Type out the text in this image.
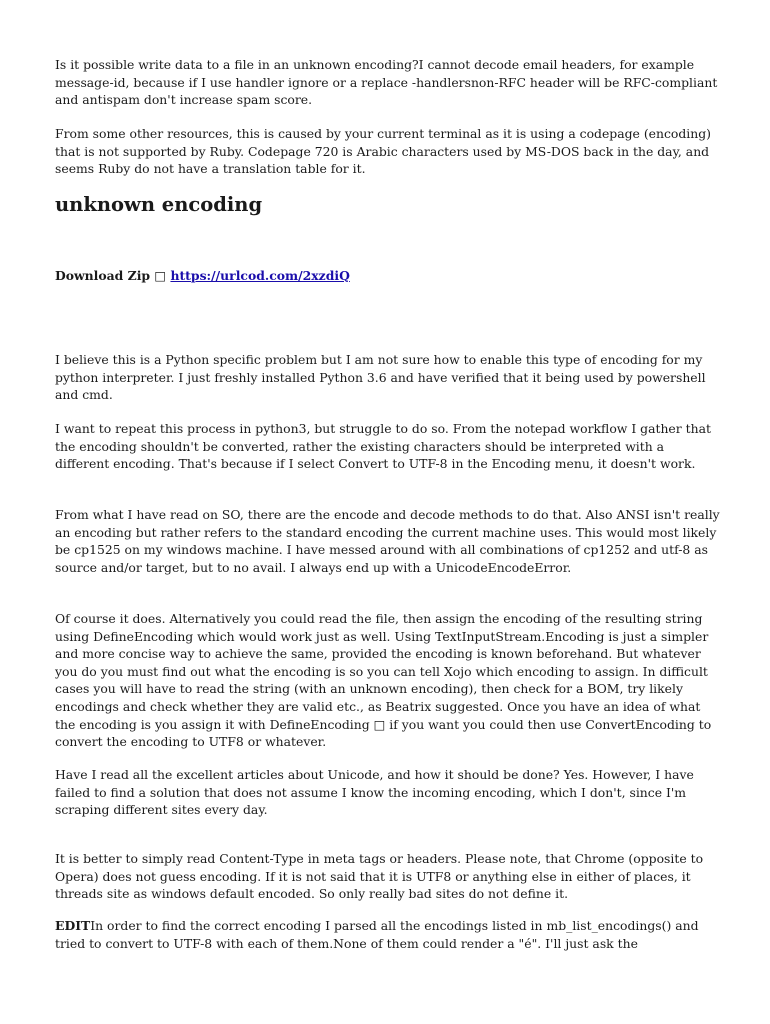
Is it possible write data to a file in an unknown encoding?I cannot decode email headers, for example message-id, because if I use handler ignore or a replace -handlersnon-RFC header will be RFC-compliant and antispam don't increase spam score.

From some other resources, this is caused by your current terminal as it is using a codepage (encoding) that is not supported by Ruby. Codepage 720 is Arabic characters used by MS-DOS back in the day, and seems Ruby do not have a translation table for it.

unknown encoding

Download Zip □ https://urlcod.com/2xzdiQ

I believe this is a Python specific problem but I am not sure how to enable this type of encoding for my python interpreter. I just freshly installed Python 3.6 and have verified that it being used by powershell and cmd.

I want to repeat this process in python3, but struggle to do so. From the notepad workflow I gather that the encoding shouldn't be converted, rather the existing characters should be interpreted with a different encoding. That's because if I select Convert to UTF-8 in the Encoding menu, it doesn't work.

From what I have read on SO, there are the encode and decode methods to do that. Also ANSI isn't really an encoding but rather refers to the standard encoding the current machine uses. This would most likely be cp1525 on my windows machine. I have messed around with all combinations of cp1252 and utf-8 as source and/or target, but to no avail. I always end up with a UnicodeEncodeError.

Of course it does. Alternatively you could read the file, then assign the encoding of the resulting string using DefineEncoding which would work just as well. Using TextInputStream.Encoding is just a simpler and more concise way to achieve the same, provided the encoding is known beforehand. But whatever you do you must find out what the encoding is so you can tell Xojo which encoding to assign. In difficult cases you will have to read the string (with an unknown encoding), then check for a BOM, try likely encodings and check whether they are valid etc., as Beatrix suggested. Once you have an idea of what the encoding is you assign it with DefineEncoding □ if you want you could then use ConvertEncoding to convert the encoding to UTF8 or whatever.

Have I read all the excellent articles about Unicode, and how it should be done? Yes. However, I have failed to find a solution that does not assume I know the incoming encoding, which I don't, since I'm scraping different sites every day.

It is better to simply read Content-Type in meta tags or headers. Please note, that Chrome (opposite to Opera) does not guess encoding. If it is not said that it is UTF8 or anything else in either of places, it threads site as windows default encoded. So only really bad sites do not define it.

EDITIn order to find the correct encoding I parsed all the encodings listed in mb_list_encodings() and tried to convert to UTF-8 with each of them.None of them could render a "é". I'll just ask the
